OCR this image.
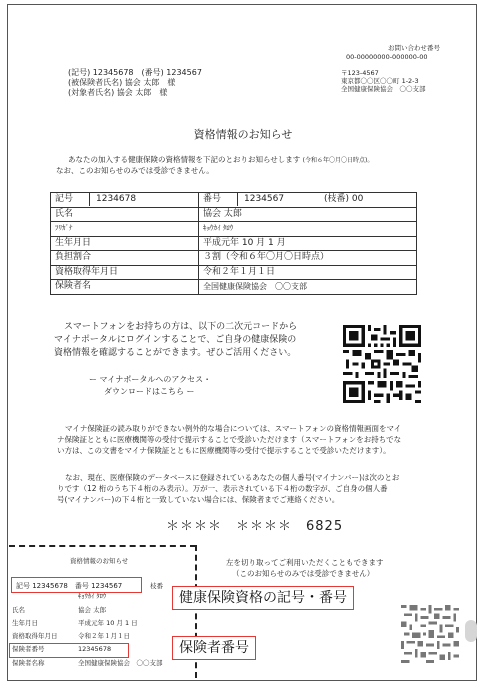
お問い合わせ番号
00-00000000-000000-00
〒123-4567
東京都〇〇区〇〇町 1-2-3
全国健康保険協会　〇〇支部
(記号) 12345678　(番号) 1234567
(被保険者氏名) 協会 太郎　様
(対象者氏名) 協会 太郎　様
資格情報のお知らせ
あなたの加入する健康保険の資格情報を下記のとおりお知らせします (令和６年〇月〇日時点)。
なお、このお知らせのみでは受診できません。
記号 1234678	番号 1234567 (枝番) 00
氏名	協会 太郎
ﾌﾘｶﾞﾅ	ｷｮｳｶｲ ﾀﾛｳ
生年月日	平成元年 10 月 1 月
負担割合	３割（令和６年〇月〇日時点）
資格取得年月日	令和２年１月１日
保険者名	全国健康保険協会　〇〇支部
スマートフォンをお持ちの方は、以下の二次元コードから
マイナポータルにログインすることで、ご自身の健康保険の
資格情報を確認することができます。ぜひご活用ください。
ー マイナポータルへのアクセス・
ダウンロードはこちら ー
マイナ保険証の読み取りができない例外的な場合については、スマートフォンの資格情報画面をマイ
ナ保険証とともに医療機関等の受付で提示することで受診いただけます（スマートフォンをお持ちでな
い方は、この文書をマイナ保険証とともに医療機関等の受付で提示することで受診いただけます）。
なお、現在、医療保険のデータベースに登録されているあなたの個人番号(マイナンバー)は次のとお
りです（12 桁のうち下４桁のみ表示）。万が一、表示されている下４桁の数字が、ご自身の個人番
号(マイナンバー)の下４桁と一致していない場合には、保険者までご連絡ください。
＊＊＊＊　＊＊＊＊　6825
資格情報のお知らせ
記号 12345678　番号 1234567	枝番
ｷｮｳｶｲ ﾀﾛｳ
氏名	協会 太郎
生年月日	平成元年 10 月 1 日
資格取得年月日	令和２年１月１日
保険者番号	12345678
保険者名称	全国健康保険協会　〇〇支部
左を切り取ってご利用いただくこともできます
（このお知らせのみでは受診できません）
健康保険資格の記号・番号
保険者番号
